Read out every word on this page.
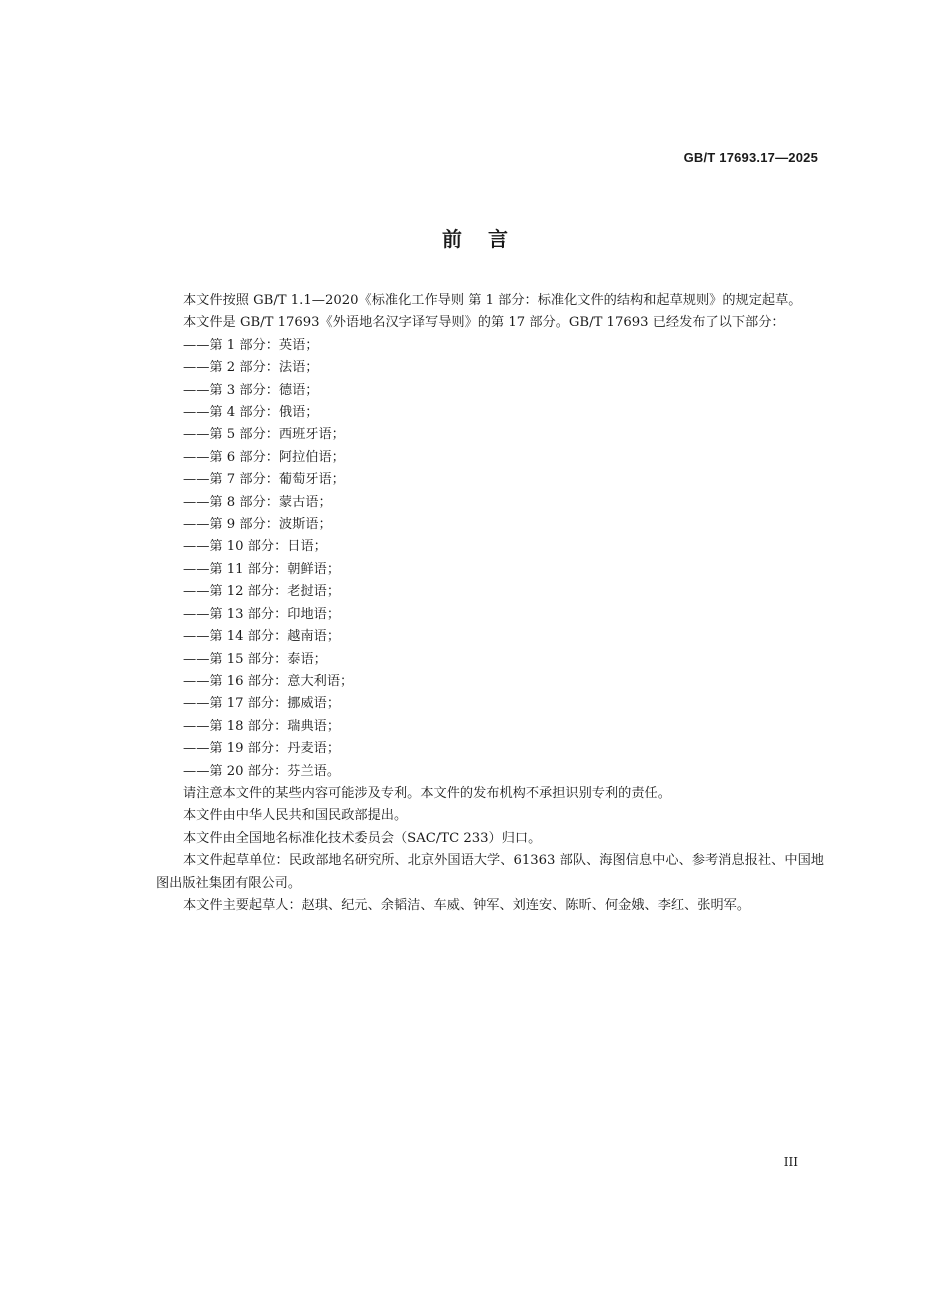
GB/T 17693.17—2025
前言

本文件按照 GB/T 1.1—2020《标准化工作导则 第 1 部分：标准化文件的结构和起草规则》的规定起草。

本文件是 GB/T 17693《外语地名汉字译写导则》的第 17 部分。GB/T 17693 已经发布了以下部分：

——第 1 部分：英语；
——第 2 部分：法语；
——第 3 部分：德语；
——第 4 部分：俄语；
——第 5 部分：西班牙语；
——第 6 部分：阿拉伯语；
——第 7 部分：葡萄牙语；
——第 8 部分：蒙古语；
——第 9 部分：波斯语；
——第 10 部分：日语；
——第 11 部分：朝鲜语；
——第 12 部分：老挝语；
——第 13 部分：印地语；
——第 14 部分：越南语；
——第 15 部分：泰语；
——第 16 部分：意大利语；
——第 17 部分：挪威语；
——第 18 部分：瑞典语；
——第 19 部分：丹麦语；
——第 20 部分：芬兰语。

请注意本文件的某些内容可能涉及专利。本文件的发布机构不承担识别专利的责任。

本文件由中华人民共和国民政部提出。

本文件由全国地名标准化技术委员会（SAC/TC 233）归口。

本文件起草单位：民政部地名研究所、北京外国语大学、61363 部队、海图信息中心、参考消息报社、中国地图出版社集团有限公司。

本文件主要起草人：赵琪、纪元、余韬洁、车威、钟军、刘连安、陈昕、何金娥、李红、张明军。

III
